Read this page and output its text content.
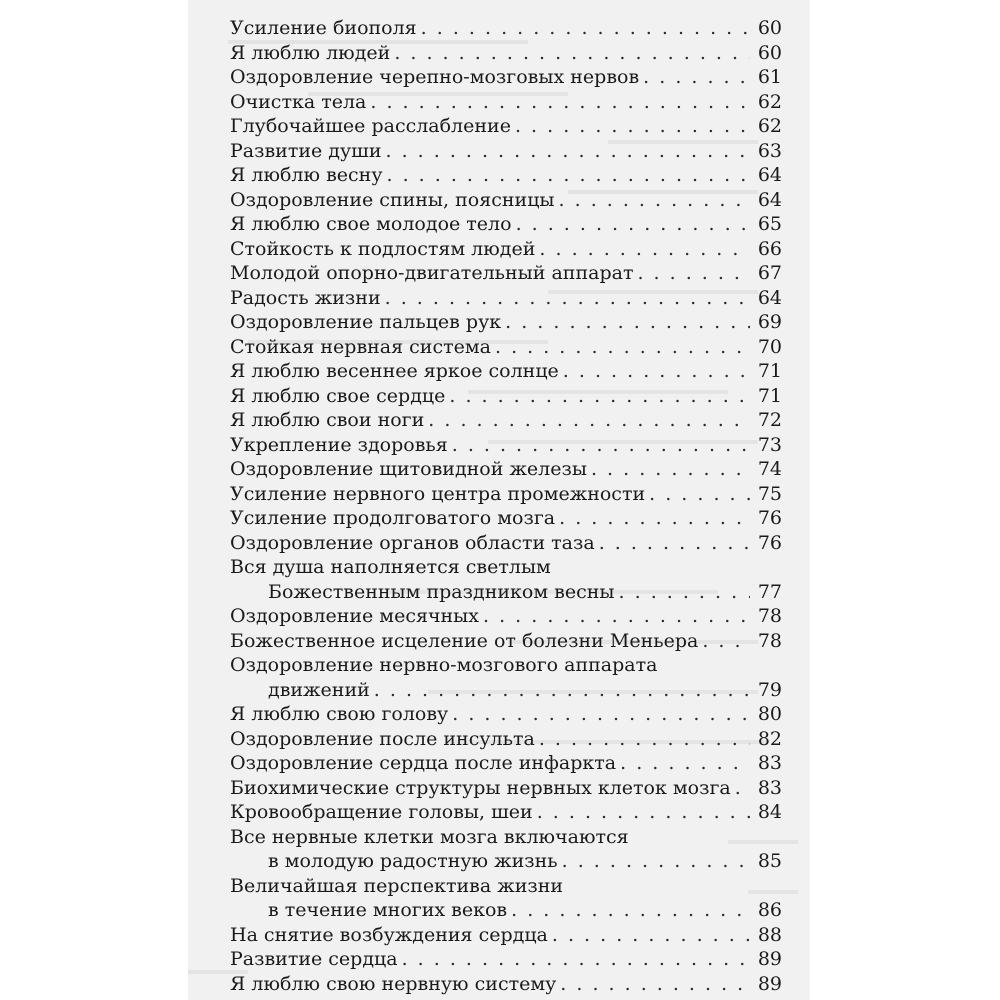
Усиление биополя . . .	60
Я люблю людей . . .	60
Оздоровление черепно-мозговых нервов . . .	61
Очистка тела . . .	62
Глубочайшее расслабление . . .	62
Развитие души . . .	63
Я люблю весну . . .	64
Оздоровление спины, поясницы . . .	64
Я люблю свое молодое тело . . .	65
Стойкость к подлостям людей . . .	66
Молодой опорно-двигательный аппарат . . .	67
Радость жизни . . .	64
Оздоровление пальцев рук . . .	69
Стойкая нервная система . . .	70
Я люблю весеннее яркое солнце . . .	71
Я люблю свое сердце . . .	71
Я люблю свои ноги . . .	72
Укрепление здоровья . . .	73
Оздоровление щитовидной железы . . .	74
Усиление нервного центра промежности . . .	75
Усиление продолговатого мозга . . .	76
Оздоровление органов области таза . . .	76
Вся душа наполняется светлым
Божественным праздником весны . . .	77
Оздоровление месячных . . .	78
Божественное исцеление от болезни Меньера . . .	78
Оздоровление нервно-мозгового аппарата
движений . . .	79
Я люблю свою голову . . .	80
Оздоровление после инсульта . . .	82
Оздоровление сердца после инфаркта . . .	83
Биохимические структуры нервных клеток мозга . . . 83
Кровообращение головы, шеи . . .	84
Все нервные клетки мозга включаются
в молодую радостную жизнь . . .	85
Величайшая перспектива жизни
в течение многих веков . . .	86
На снятие возбуждения сердца . . .	88
Развитие сердца . . .	89
Я люблю свою нервную систему . . .	89
